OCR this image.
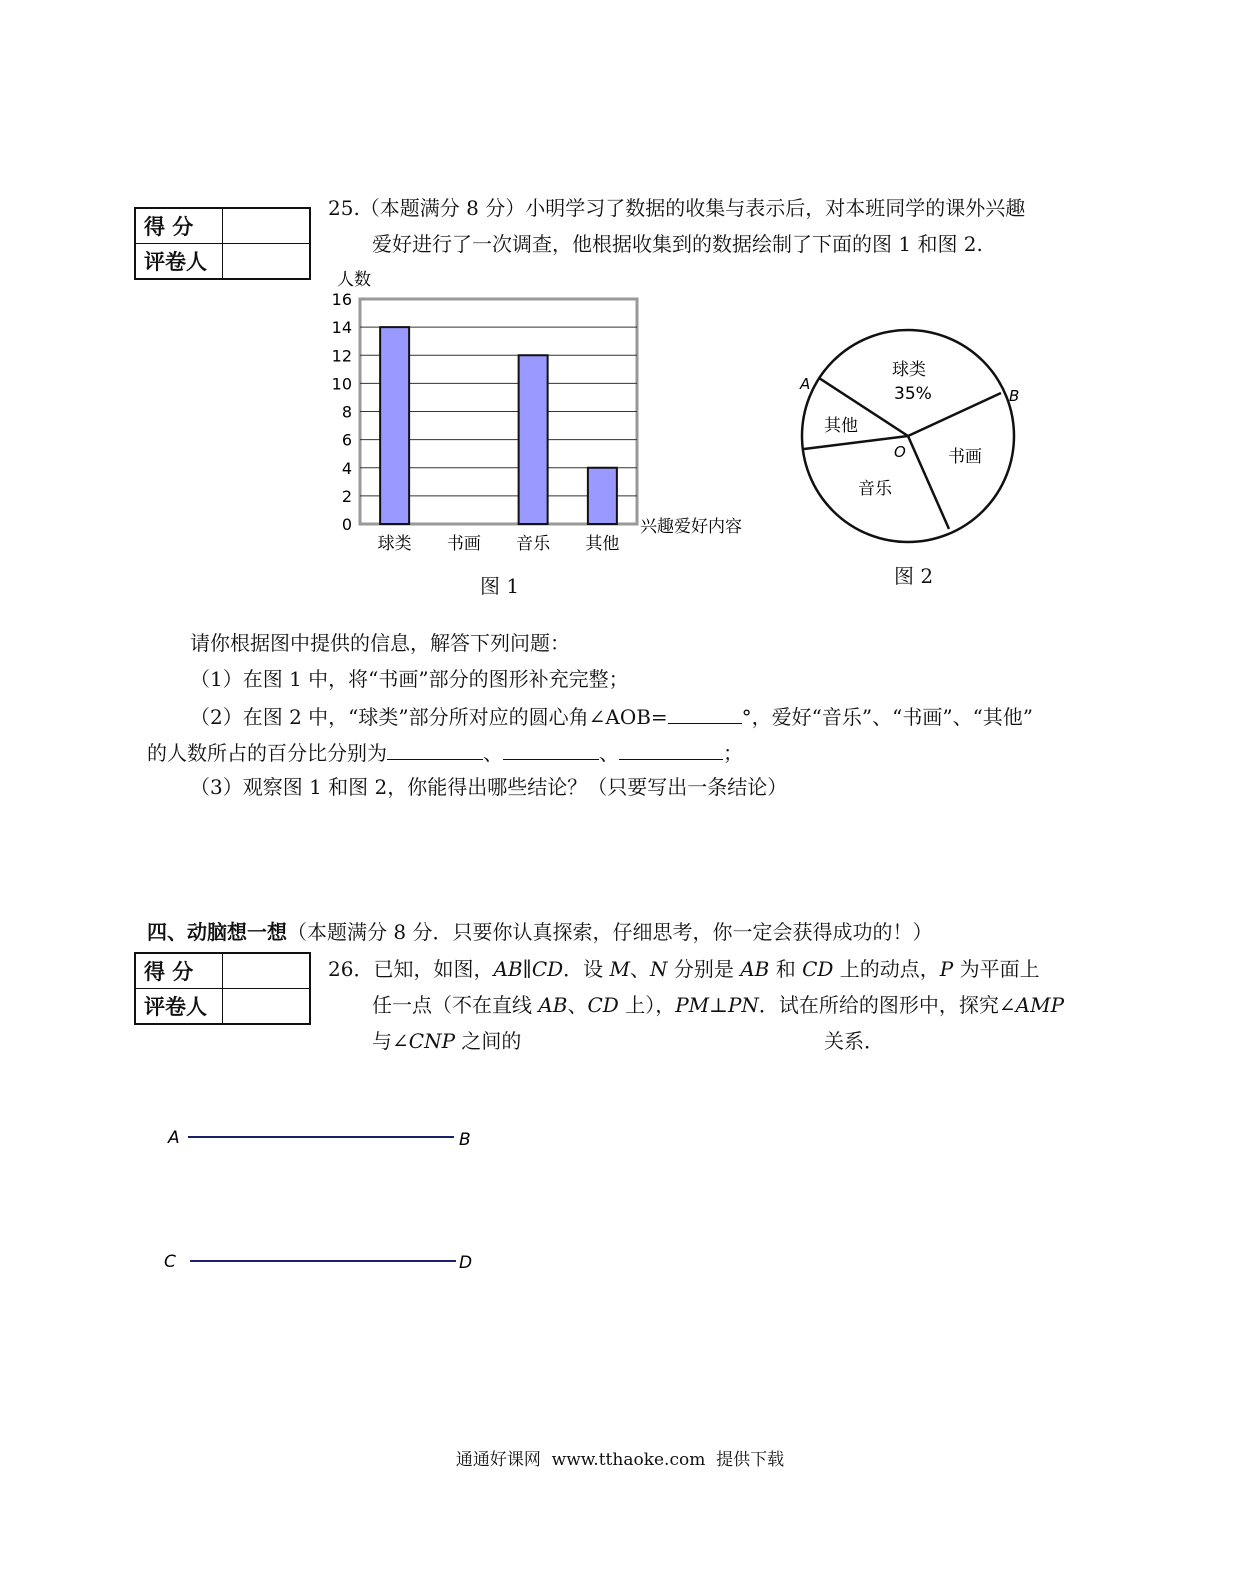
得 分	
评卷人	
25.（本题满分 8 分）小明学习了数据的收集与表示后，对本班同学的课外兴趣
爱好进行了一次调查，他根据收集到的数据绘制了下面的图 1 和图 2.
人数
0
2
4
6
8
10
12
14
16
球类 书画 音乐 其他
兴趣爱好内容
图 1
球类
35%
其他
书画
音乐
A
B
O
图 2
请你根据图中提供的信息，解答下列问题：
（1）在图 1 中，将“书画”部分的图形补充完整；
（2）在图 2 中，“球类”部分所对应的圆心角∠AOB=	°，爱好“音乐”、“书画”、“其他”
的人数所占的百分比分别为	、	、	；
（3）观察图 1 和图 2，你能得出哪些结论？（只要写出一条结论）
四、动脑想一想（本题满分 8 分．只要你认真探索，仔细思考，你一定会获得成功的！）
得 分	
评卷人	
26．已知，如图，AB∥CD．设 M、N 分别是 AB 和 CD 上的动点，P 为平面上
任一点（不在直线 AB、CD 上），PM⊥PN．试在所给的图形中，探究∠AMP
与∠CNP 之间的	关系．
A	B
C	D
通通好课网  www.tthaoke.com  提供下载
